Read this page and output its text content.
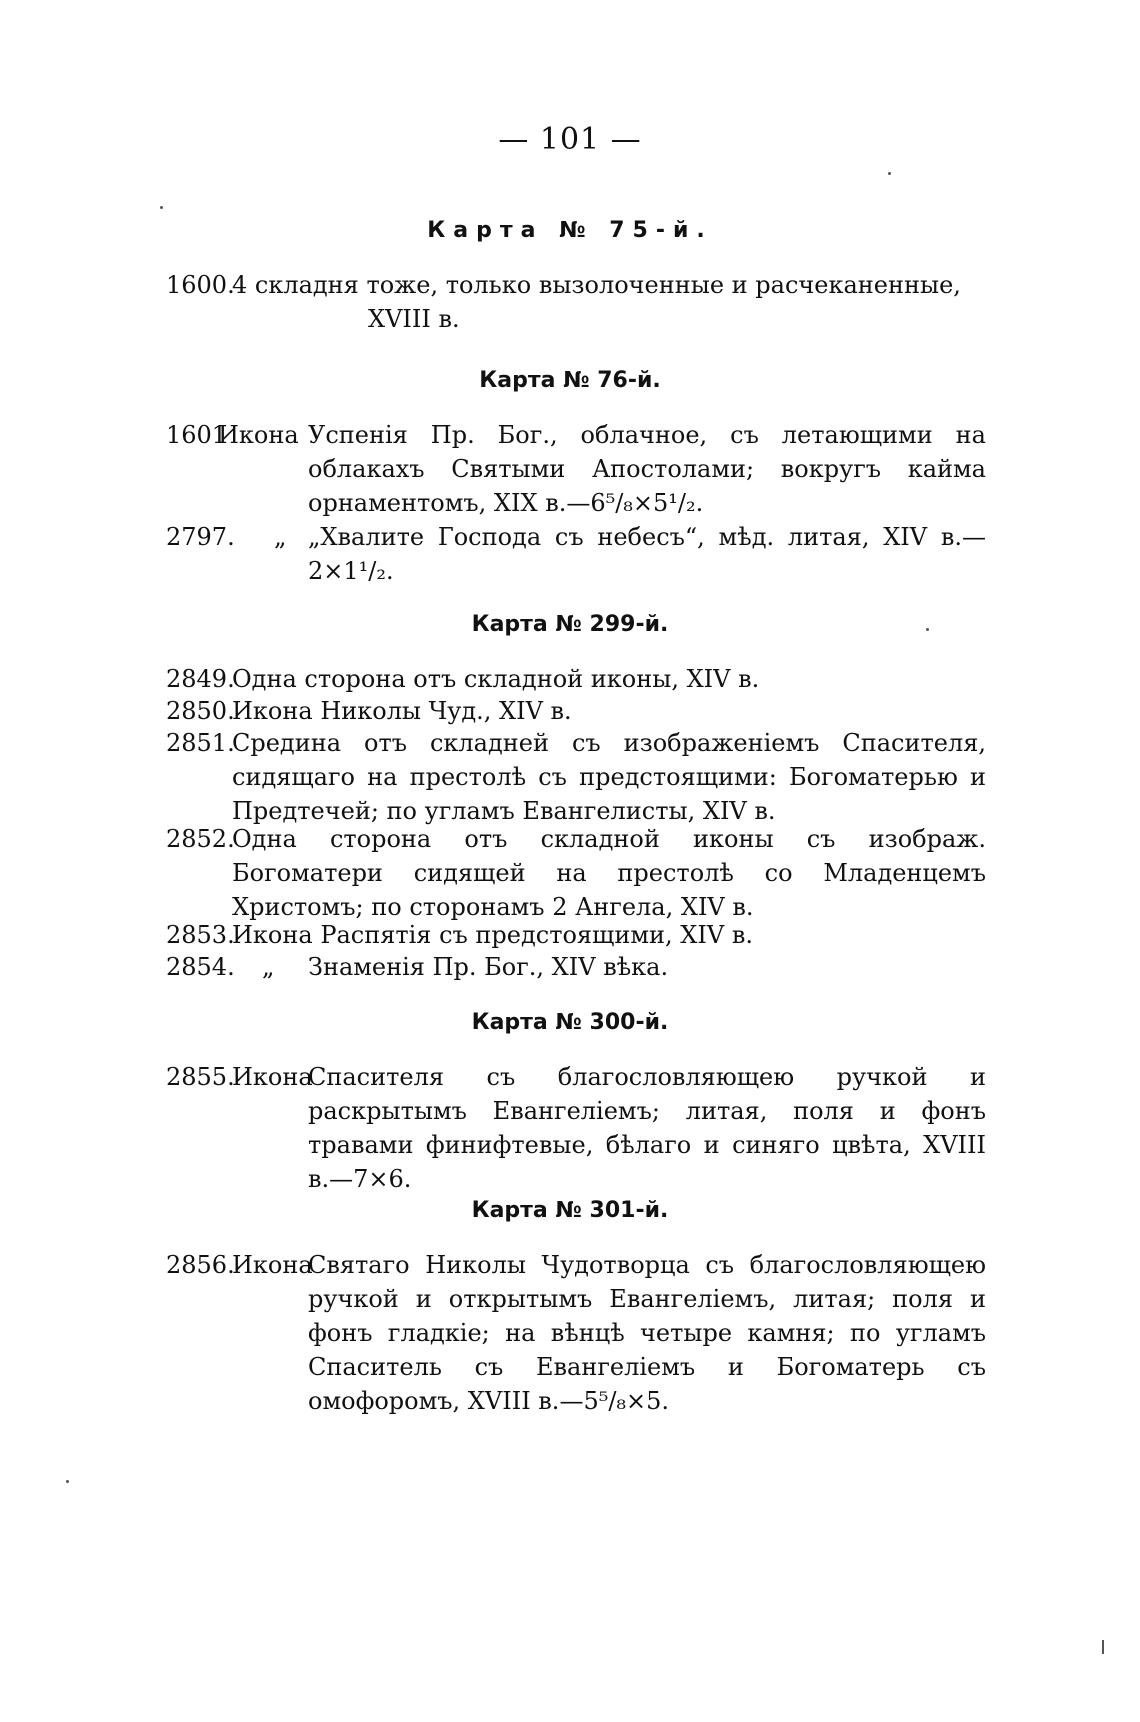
— 101 —
Карта № 75-й.
1600.
4 складня тоже, только вызолоченные и расчеканенные,
XVIII в.
Карта № 76-й.
1601
Икона Успенія Пр. Бог., облачное, съ летающими на облакахъ Святыми Апостолами; вокругъ кайма орнаментомъ, XIX в.—6⁵/₈×5¹/₂.
2797.	„ „Хвалите Господа съ небесъ“, мѣд. литая, XIV в.—2×1¹/₂.
Карта № 299-й.
2849.
Одна сторона отъ складной иконы, XIV в.
2850.
Икона Николы Чуд., XIV в.
2851.
Средина отъ складней съ изображеніемъ Спасителя, сидящаго на престолѣ съ предстоящими: Богоматерью и Предтечей; по угламъ Евангелисты, XIV в.
2852.
Одна сторона отъ складной иконы съ изображ. Богоматери сидящей на престолѣ со Младенцемъ Христомъ; по сторонамъ 2 Ангела, XIV в.
2853.
Икона Распятія съ предстоящими, XIV в.
2854.	„ Знаменія Пр. Бог., XIV вѣка.
Карта № 300-й.
2855.
Икона
Спасителя съ благословляющею ручкой и раскрытымъ Евангеліемъ; литая, поля и фонъ травами финифтевые, бѣлаго и синяго цвѣта, XVIII в.—7×6.
Карта № 301-й.
2856.
Икона
Святаго Николы Чудотворца съ благословляющею ручкой и открытымъ Евангеліемъ, литая; поля и фонъ гладкіе; на вѣнцѣ четыре камня; по угламъ Спаситель съ Евангеліемъ и Богоматерь съ омофоромъ, XVIII в.—5⁵/₈×5.
